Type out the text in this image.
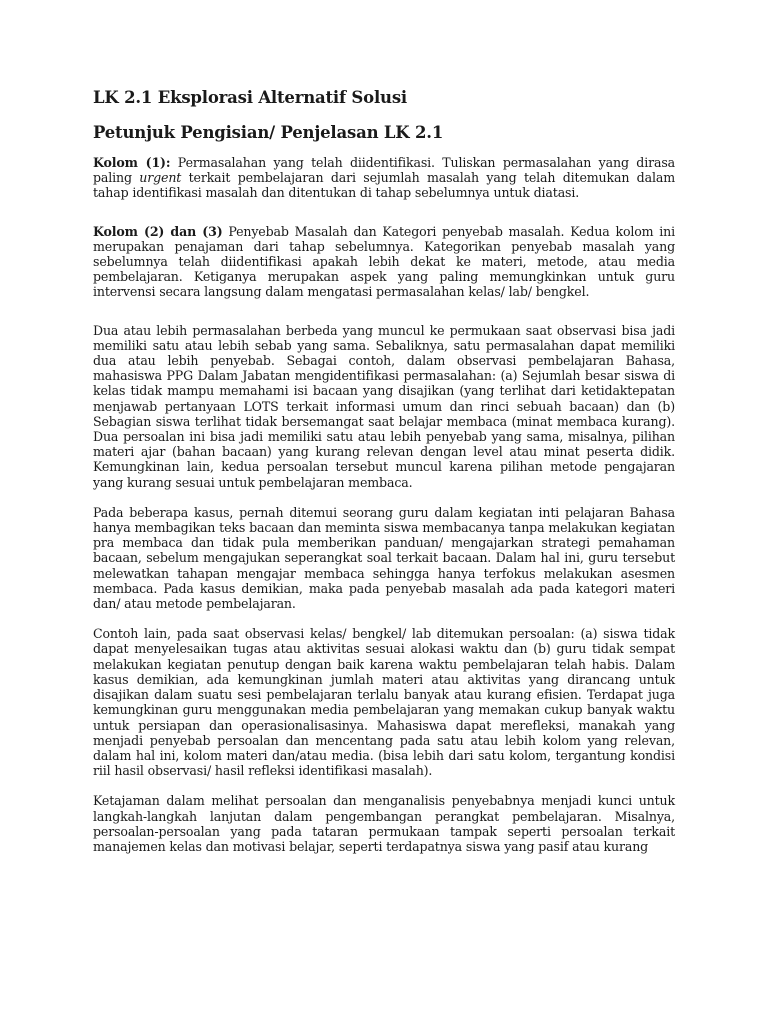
LK 2.1 Eksplorasi Alternatif Solusi
Petunjuk Pengisian/ Penjelasan LK 2.1

Kolom (1): Permasalahan yang telah diidentifikasi. Tuliskan permasalahan yang dirasa paling urgent terkait pembelajaran dari sejumlah masalah yang telah ditemukan dalam tahap identifikasi masalah dan ditentukan di tahap sebelumnya untuk diatasi.

Kolom (2) dan (3) Penyebab Masalah dan Kategori penyebab masalah. Kedua kolom ini merupakan penajaman dari tahap sebelumnya. Kategorikan penyebab masalah yang sebelumnya telah diidentifikasi apakah lebih dekat ke materi, metode, atau media pembelajaran. Ketiganya merupakan aspek yang paling memungkinkan untuk guru intervensi secara langsung dalam mengatasi permasalahan kelas/ lab/ bengkel.

Dua atau lebih permasalahan berbeda yang muncul ke permukaan saat observasi bisa jadi memiliki satu atau lebih sebab yang sama. Sebaliknya, satu permasalahan dapat memiliki dua atau lebih penyebab. Sebagai contoh, dalam observasi pembelajaran Bahasa, mahasiswa PPG Dalam Jabatan mengidentifikasi permasalahan: (a) Sejumlah besar siswa di kelas tidak mampu memahami isi bacaan yang disajikan (yang terlihat dari ketidaktepatan menjawab pertanyaan LOTS terkait informasi umum dan rinci sebuah bacaan) dan (b) Sebagian siswa terlihat tidak bersemangat saat belajar membaca (minat membaca kurang). Dua persoalan ini bisa jadi memiliki satu atau lebih penyebab yang sama, misalnya, pilihan materi ajar (bahan bacaan) yang kurang relevan dengan level atau minat peserta didik. Kemungkinan lain, kedua persoalan tersebut muncul karena pilihan metode pengajaran yang kurang sesuai untuk pembelajaran membaca.

Pada beberapa kasus, pernah ditemui seorang guru dalam kegiatan inti pelajaran Bahasa hanya membagikan teks bacaan dan meminta siswa membacanya tanpa melakukan kegiatan pra membaca dan tidak pula memberikan panduan/ mengajarkan strategi pemahaman bacaan, sebelum mengajukan seperangkat soal terkait bacaan. Dalam hal ini, guru tersebut melewatkan tahapan mengajar membaca sehingga hanya terfokus melakukan asesmen membaca. Pada kasus demikian, maka pada penyebab masalah ada pada kategori materi dan/ atau metode pembelajaran.

Contoh lain, pada saat observasi kelas/ bengkel/ lab ditemukan persoalan: (a) siswa tidak dapat menyelesaikan tugas atau aktivitas sesuai alokasi waktu dan (b) guru tidak sempat melakukan kegiatan penutup dengan baik karena waktu pembelajaran telah habis. Dalam kasus demikian, ada kemungkinan jumlah materi atau aktivitas yang dirancang untuk disajikan dalam suatu sesi pembelajaran terlalu banyak atau kurang efisien. Terdapat juga kemungkinan guru menggunakan media pembelajaran yang memakan cukup banyak waktu untuk persiapan dan operasionalisasinya. Mahasiswa dapat merefleksi, manakah yang menjadi penyebab persoalan dan mencentang pada satu atau lebih kolom yang relevan, dalam hal ini, kolom materi dan/atau media. (bisa lebih dari satu kolom, tergantung kondisi riil hasil observasi/ hasil refleksi identifikasi masalah).

Ketajaman dalam melihat persoalan dan menganalisis penyebabnya menjadi kunci untuk langkah-langkah lanjutan dalam pengembangan perangkat pembelajaran. Misalnya, persoalan-persoalan yang pada tataran permukaan tampak seperti persoalan terkait manajemen kelas dan motivasi belajar, seperti terdapatnya siswa yang pasif atau kurang
